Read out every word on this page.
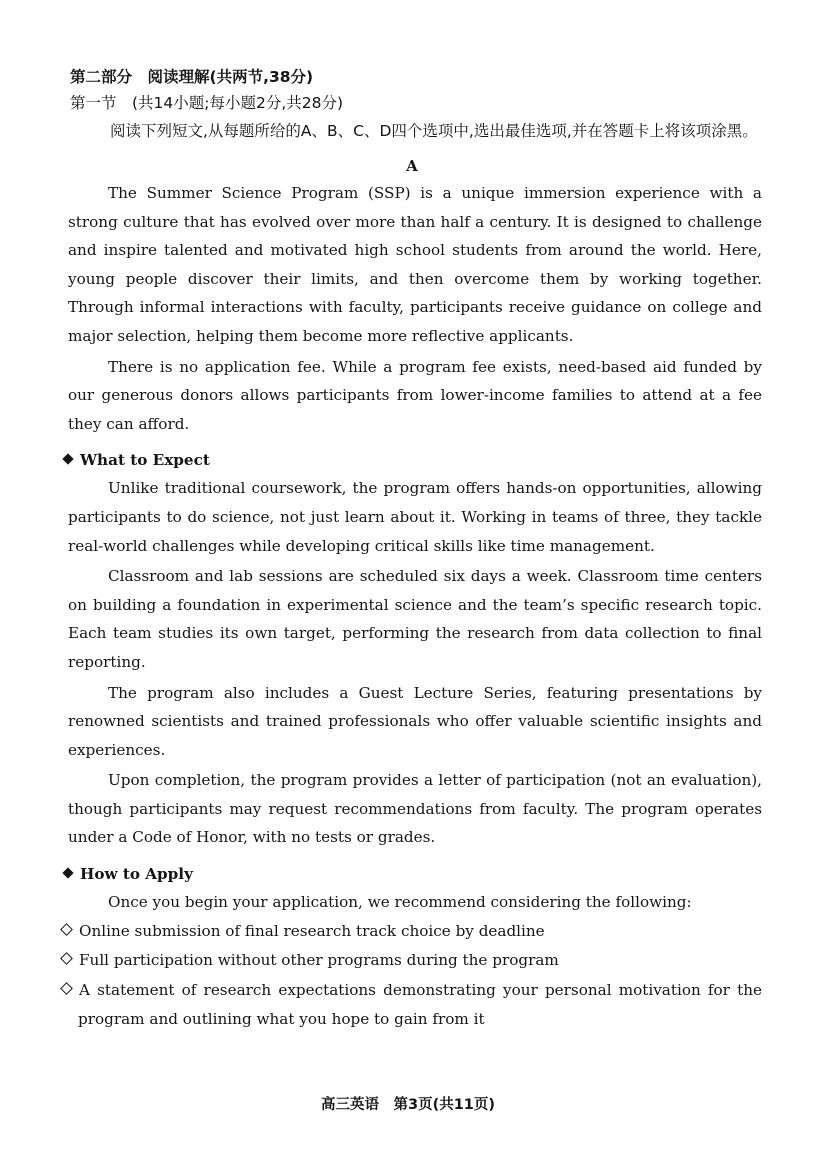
第二部分　阅读理解(共两节,38分)

第一节　(共14小题;每小题2分,共28分)

阅读下列短文,从每题所给的A、B、C、D四个选项中,选出最佳选项,并在答题卡上将该项涂黑。

A

The Summer Science Program (SSP) is a unique immersion experience with a strong culture that has evolved over more than half a century. It is designed to challenge and inspire talented and motivated high school students from around the world. Here, young people discover their limits, and then overcome them by working together. Through informal interactions with faculty, participants receive guidance on college and major selection, helping them become more reflective applicants.

There is no application fee. While a program fee exists, need-based aid funded by our generous donors allows participants from lower-income families to attend at a fee they can afford.

What to Expect

Unlike traditional coursework, the program offers hands-on opportunities, allowing participants to do science, not just learn about it. Working in teams of three, they tackle real-world challenges while developing critical skills like time management.

Classroom and lab sessions are scheduled six days a week. Classroom time centers on building a foundation in experimental science and the team’s specific research topic. Each team studies its own target, performing the research from data collection to final reporting.

The program also includes a Guest Lecture Series, featuring presentations by renowned scientists and trained professionals who offer valuable scientific insights and experiences.

Upon completion, the program provides a letter of participation (not an evaluation), though participants may request recommendations from faculty. The program operates under a Code of Honor, with no tests or grades.

How to Apply

Once you begin your application, we recommend considering the following:

Online submission of final research track choice by deadline

Full participation without other programs during the program

A statement of research expectations demonstrating your personal motivation for the program and outlining what you hope to gain from it

高三英语　第3页(共11页)
